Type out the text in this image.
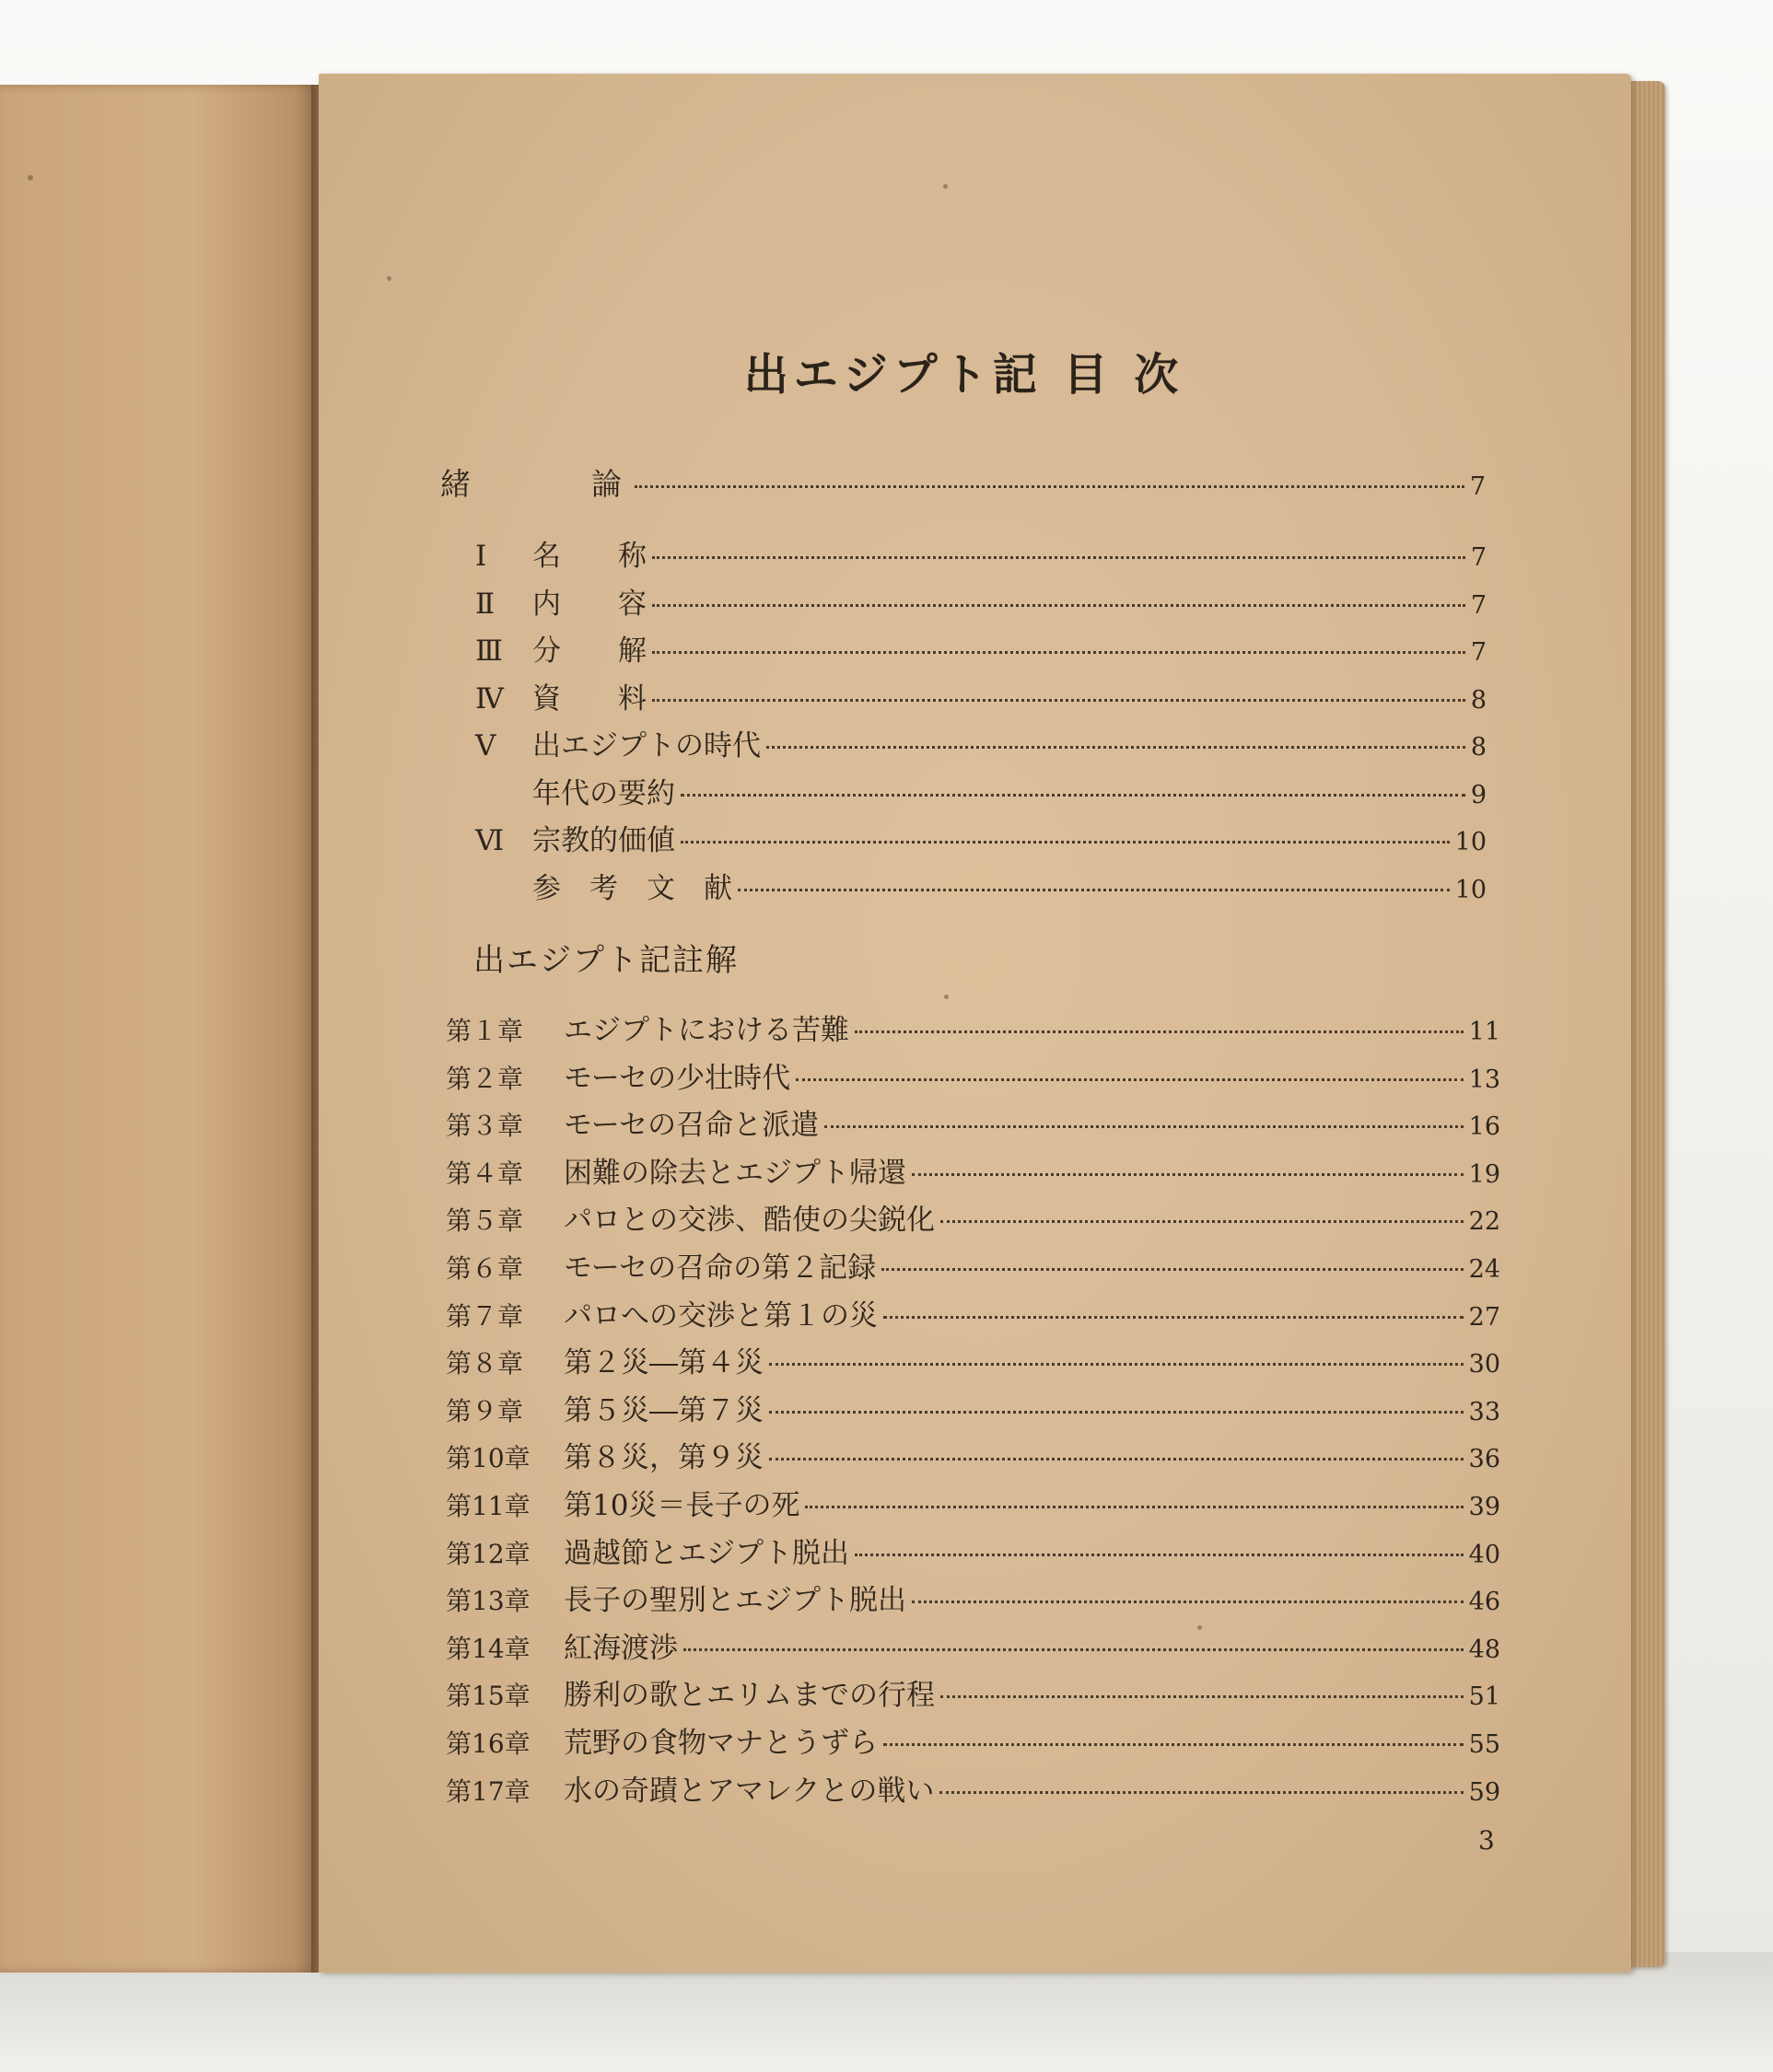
出エジプト記 目 次
緒　　　論	7
Ⅰ	名　　称	7
Ⅱ	内　　容	7
Ⅲ	分　　解	7
Ⅳ	資　　料	8
Ⅴ	出エジプトの時代	8
年代の要約	9
Ⅵ 宗教的価値	10
参　考　文　献	10
出エジプト記註解
第１章	エジプトにおける苦難	11
第２章	モーセの少壮時代	13
第３章	モーセの召命と派遣	16
第４章	困難の除去とエジプト帰還	19
第５章	パロとの交渉、酷使の尖鋭化	22
第６章	モーセの召命の第２記録	24
第７章	パロへの交渉と第１の災	27
第８章	第２災―第４災	30
第９章	第５災―第７災	33
第10章	第８災，第９災	36
第11章	第10災＝長子の死	39
第12章	過越節とエジプト脱出	40
第13章	長子の聖別とエジプト脱出	46
第14章	紅海渡渉	48
第15章	勝利の歌とエリムまでの行程	51
第16章	荒野の食物マナとうずら	55
第17章	水の奇蹟とアマレクとの戦い	59
3
